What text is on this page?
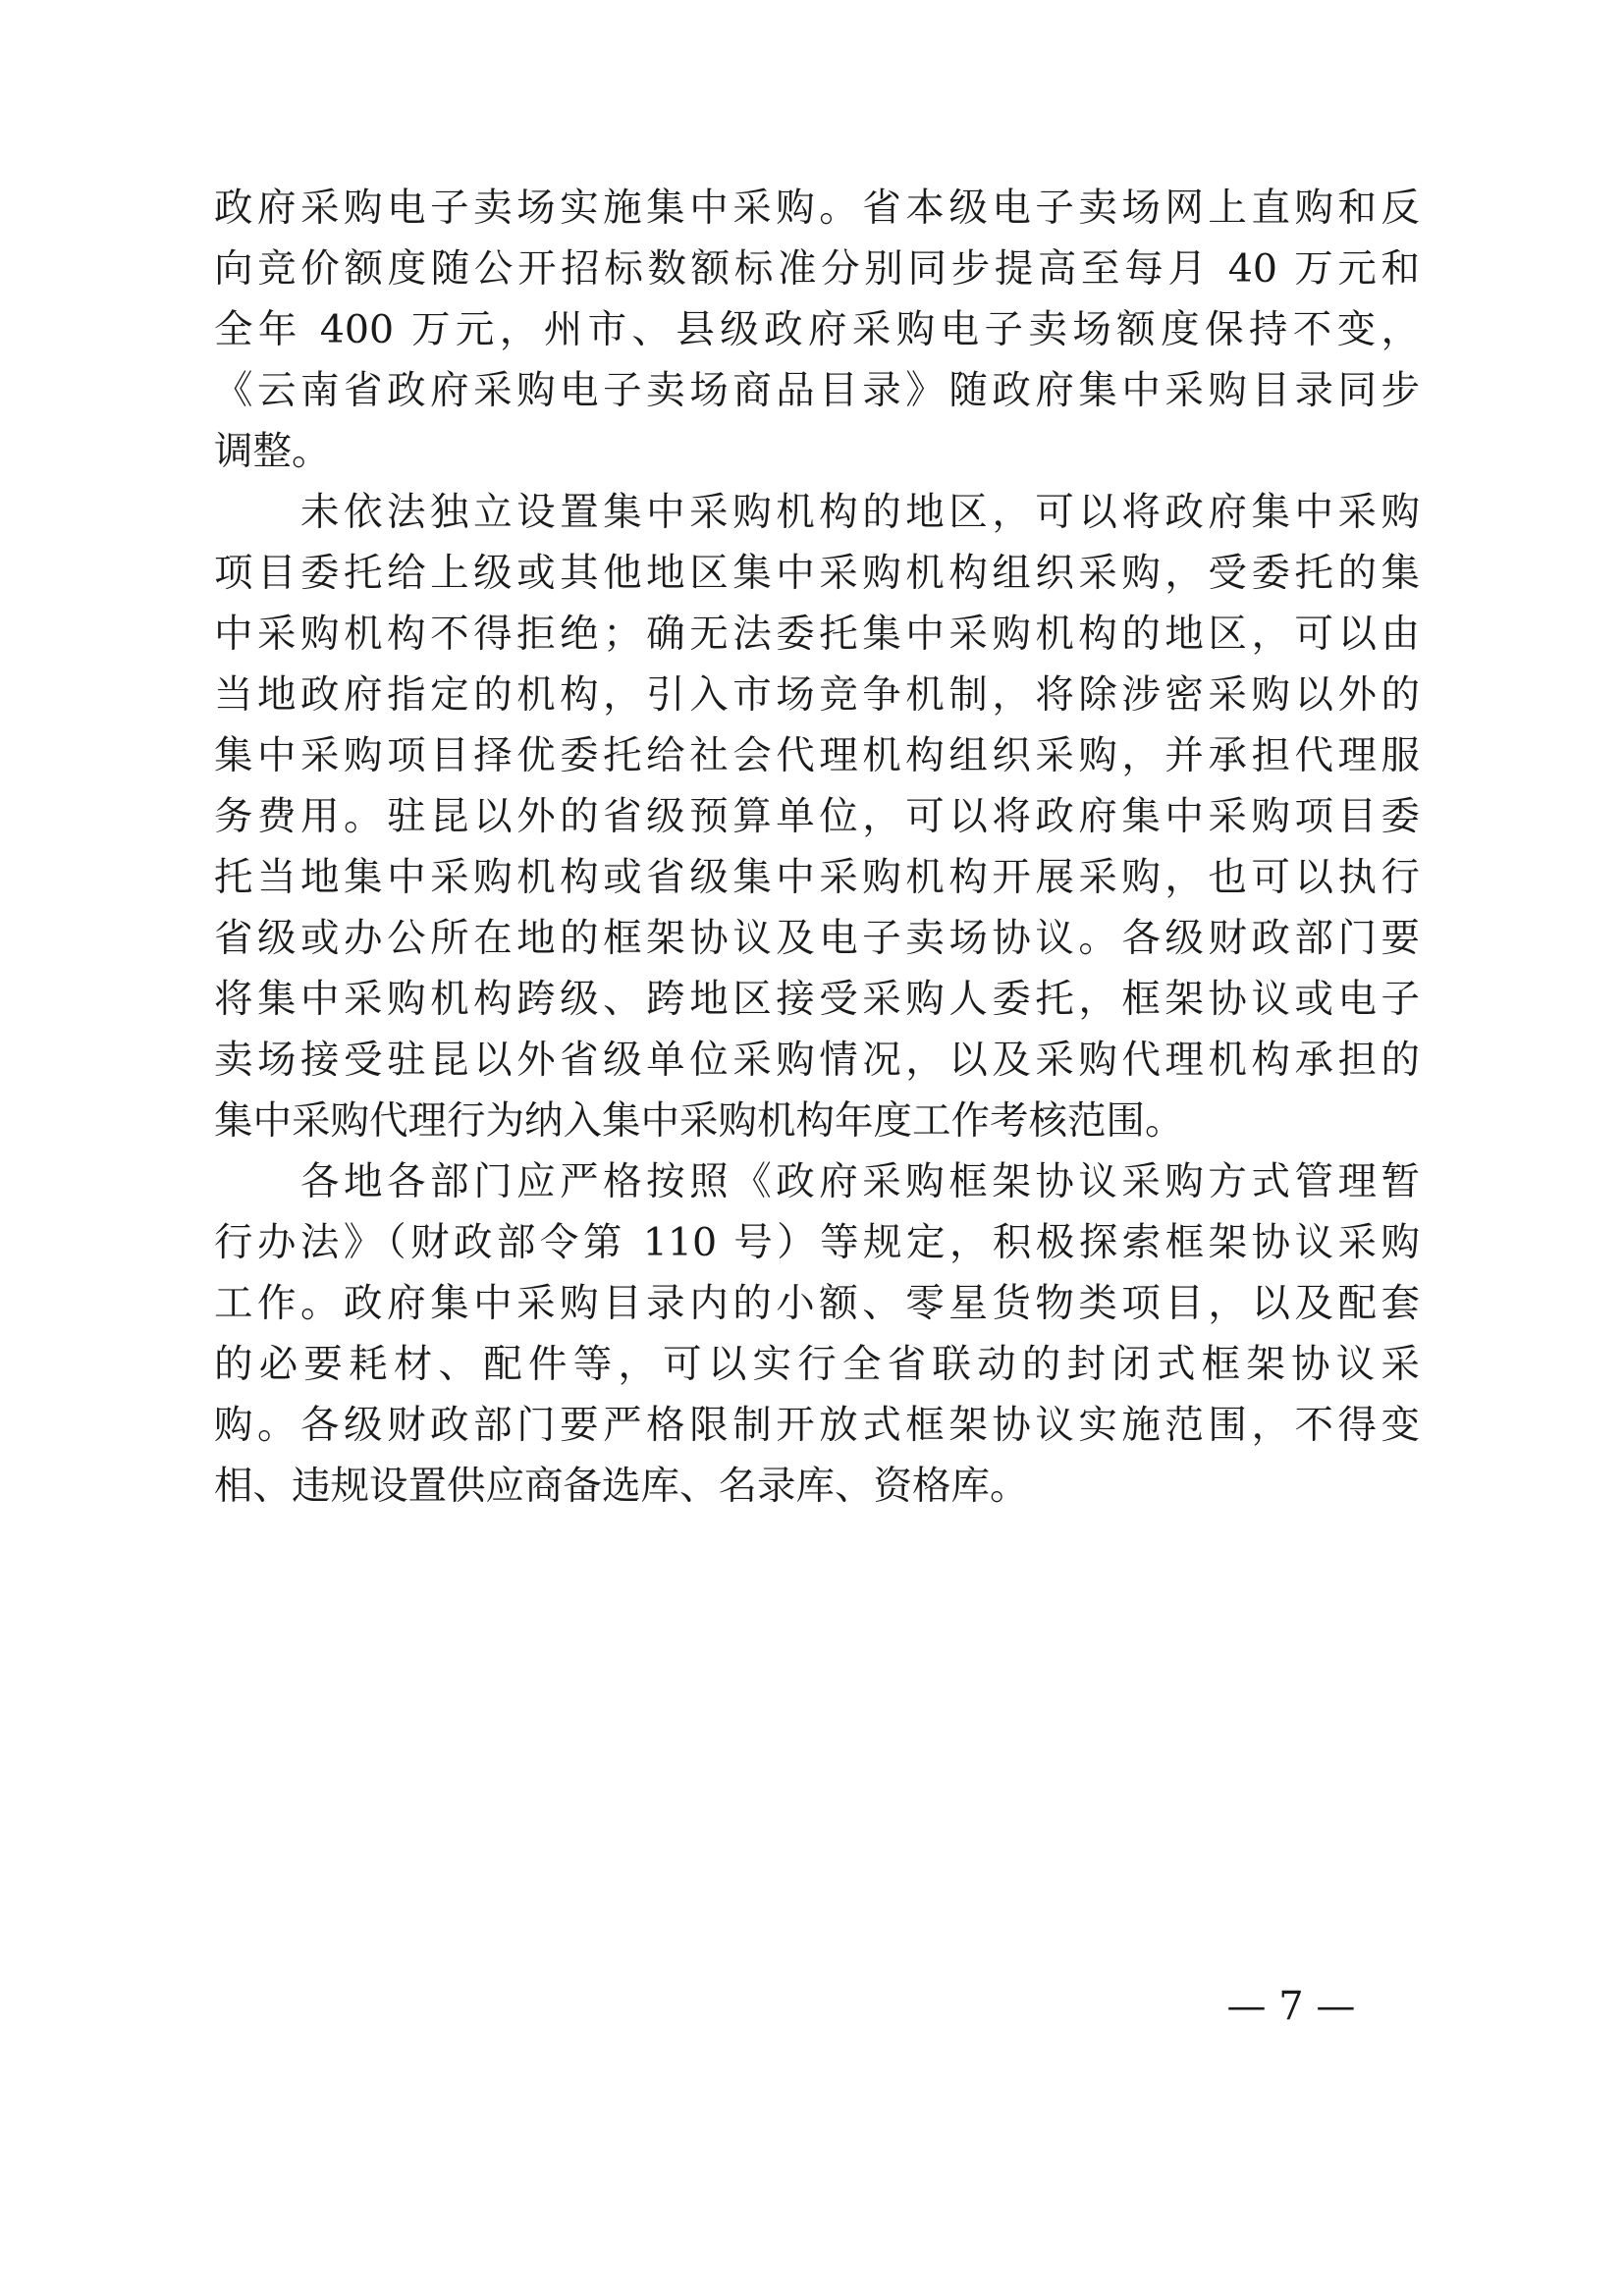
政府采购电子卖场实施集中采购。省本级电子卖场网上直购和反
向竞价额度随公开招标数额标准分别同步提高至每月 40 万元和
全年 400 万元，州市、县级政府采购电子卖场额度保持不变，
《云南省政府采购电子卖场商品目录》随政府集中采购目录同步
调整。
未依法独立设置集中采购机构的地区，可以将政府集中采购
项目委托给上级或其他地区集中采购机构组织采购，受委托的集
中采购机构不得拒绝；确无法委托集中采购机构的地区，可以由
当地政府指定的机构，引入市场竞争机制，将除涉密采购以外的
集中采购项目择优委托给社会代理机构组织采购，并承担代理服
务费用。驻昆以外的省级预算单位，可以将政府集中采购项目委
托当地集中采购机构或省级集中采购机构开展采购，也可以执行
省级或办公所在地的框架协议及电子卖场协议。各级财政部门要
将集中采购机构跨级、跨地区接受采购人委托，框架协议或电子
卖场接受驻昆以外省级单位采购情况，以及采购代理机构承担的
集中采购代理行为纳入集中采购机构年度工作考核范围。
各地各部门应严格按照《政府采购框架协议采购方式管理暂
行办法》（财政部令第 110 号）等规定，积极探索框架协议采购
工作。政府集中采购目录内的小额、零星货物类项目，以及配套
的必要耗材、配件等，可以实行全省联动的封闭式框架协议采
购。各级财政部门要严格限制开放式框架协议实施范围，不得变
相、违规设置供应商备选库、名录库、资格库。
— 7 —
